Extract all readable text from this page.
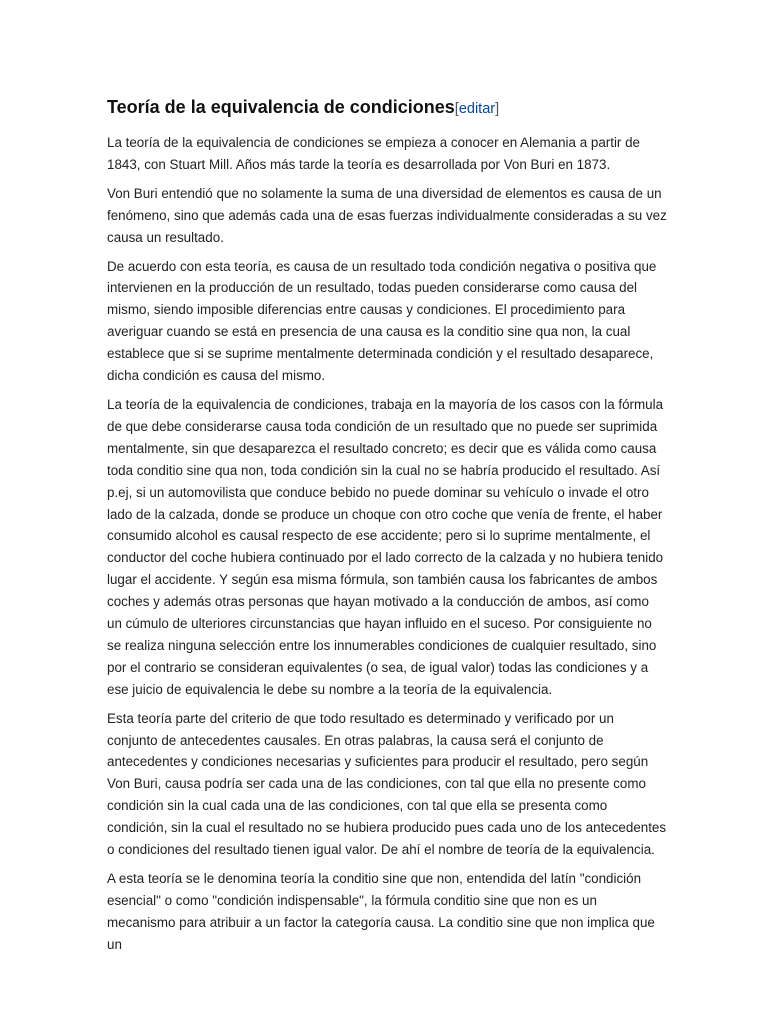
Teoría de la equivalencia de condiciones[editar]

La teoría de la equivalencia de condiciones se empieza a conocer en Alemania a partir de 1843, con Stuart Mill. Años más tarde la teoría es desarrollada por Von Buri en 1873.

Von Buri entendió que no solamente la suma de una diversidad de elementos es causa de un fenómeno, sino que además cada una de esas fuerzas individualmente consideradas a su vez causa un resultado.

De acuerdo con esta teoría, es causa de un resultado toda condición negativa o positiva que intervienen en la producción de un resultado, todas pueden considerarse como causa del mismo, siendo imposible diferencias entre causas y condiciones. El procedimiento para averiguar cuando se está en presencia de una causa es la conditio sine qua non, la cual establece que si se suprime mentalmente determinada condición y el resultado desaparece, dicha condición es causa del mismo.

La teoría de la equivalencia de condiciones, trabaja en la mayoría de los casos con la fórmula de que debe considerarse causa toda condición de un resultado que no puede ser suprimida mentalmente, sin que desaparezca el resultado concreto; es decir que es válida como causa toda conditio sine qua non, toda condición sin la cual no se habría producido el resultado. Así p.ej, si un automovilista que conduce bebido no puede dominar su vehículo o invade el otro lado de la calzada, donde se produce un choque con otro coche que venía de frente, el haber consumido alcohol es causal respecto de ese accidente; pero si lo suprime mentalmente, el conductor del coche hubiera continuado por el lado correcto de la calzada y no hubiera tenido lugar el accidente. Y según esa misma fórmula, son también causa los fabricantes de ambos coches y además otras personas que hayan motivado a la conducción de ambos, así como un cúmulo de ulteriores circunstancias que hayan influido en el suceso. Por consiguiente no se realiza ninguna selección entre los innumerables condiciones de cualquier resultado, sino por el contrario se consideran equivalentes (o sea, de igual valor) todas las condiciones y a ese juicio de equivalencia le debe su nombre a la teoría de la equivalencia.

Esta teoría parte del criterio de que todo resultado es determinado y verificado por un conjunto de antecedentes causales. En otras palabras, la causa será el conjunto de antecedentes y condiciones necesarias y suficientes para producir el resultado, pero según Von Buri, causa podría ser cada una de las condiciones, con tal que ella no presente como condición sin la cual cada una de las condiciones, con tal que ella se presenta como condición, sin la cual el resultado no se hubiera producido pues cada uno de los antecedentes o condiciones del resultado tienen igual valor. De ahí el nombre de teoría de la equivalencia.

A esta teoría se le denomina teoría la conditio sine que non, entendida del latín "condición esencial" o como "condición indispensable", la fórmula conditio sine que non es un mecanismo para atribuir a un factor la categoría causa. La conditio sine que non implica que un
